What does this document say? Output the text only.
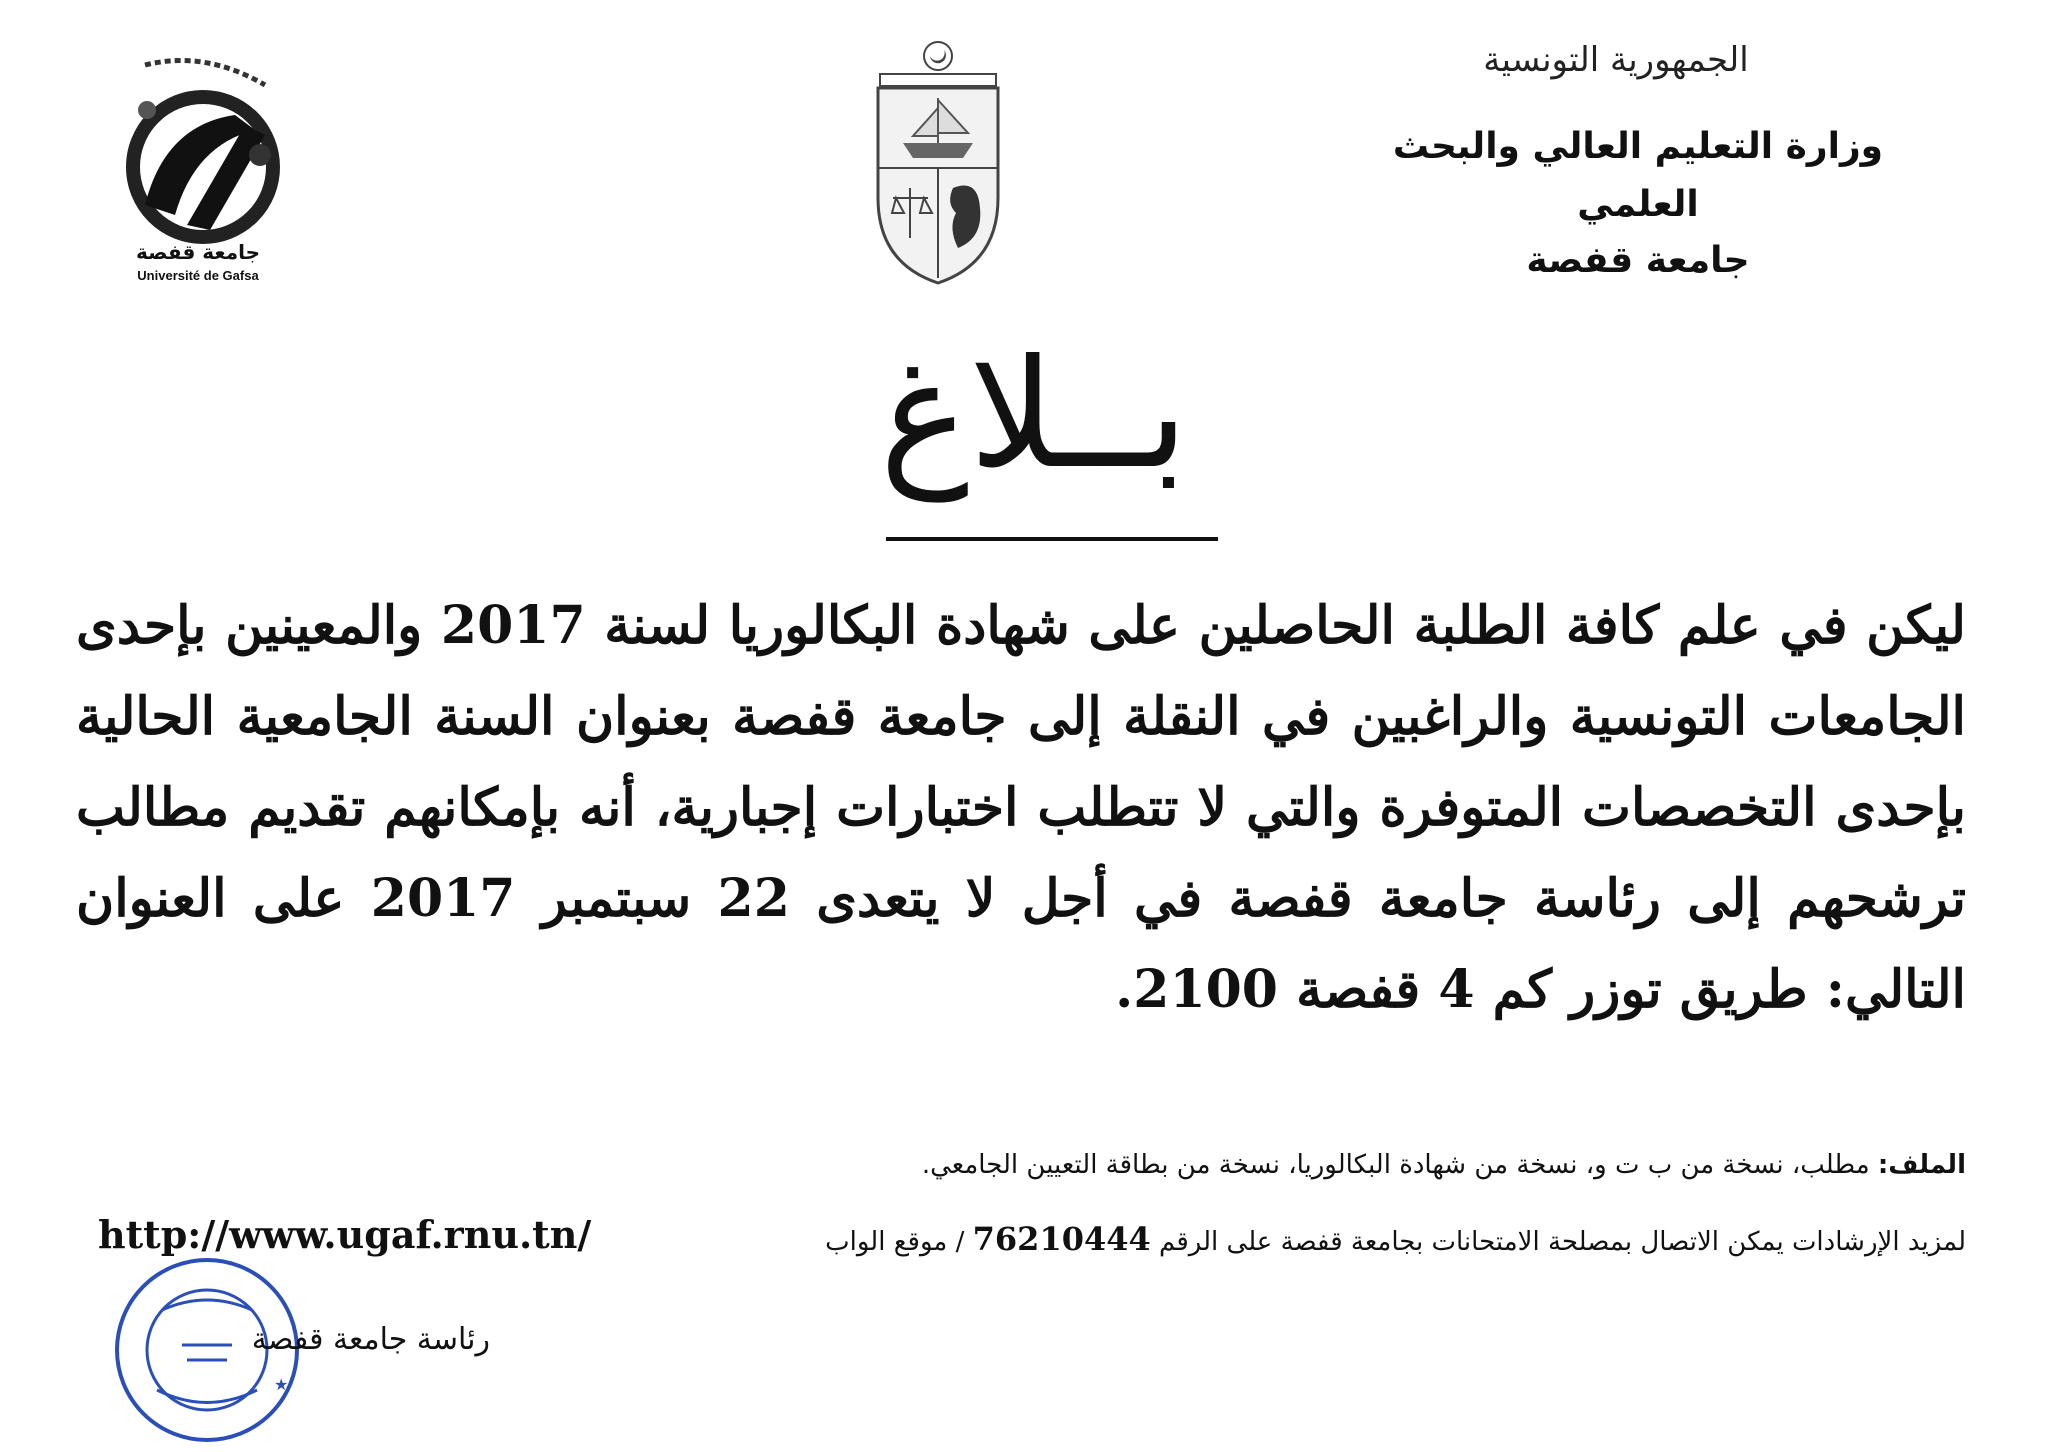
جامعة قفصة
Université de Gafsa
الجمهورية التونسية
وزارة التعليم العالي والبحث
العلمي
جامعة قفصة
بــلاغ
ليكن في علم كافة الطلبة الحاصلين على شهادة البكالوريا لسنة 2017 والمعينين بإحدى الجامعات التونسية والراغبين في النقلة إلى جامعة قفصة بعنوان السنة الجامعية الحالية بإحدى التخصصات المتوفرة والتي لا تتطلب اختبارات إجبارية، أنه بإمكانهم تقديم مطالب ترشحهم إلى رئاسة جامعة قفصة في أجل لا يتعدى 22 سبتمبر 2017 على العنوان التالي: طريق توزر كم 4 قفصة 2100.
الملف: مطلب، نسخة من ب ت و، نسخة من شهادة البكالوريا، نسخة من بطاقة التعيين الجامعي.
لمزيد الإرشادات يمكن الاتصال بمصلحة الامتحانات بجامعة قفصة على الرقم 76210444 / موقع الواب
http://www.ugaf.rnu.tn/
★
رئاسة جامعة قفصة
